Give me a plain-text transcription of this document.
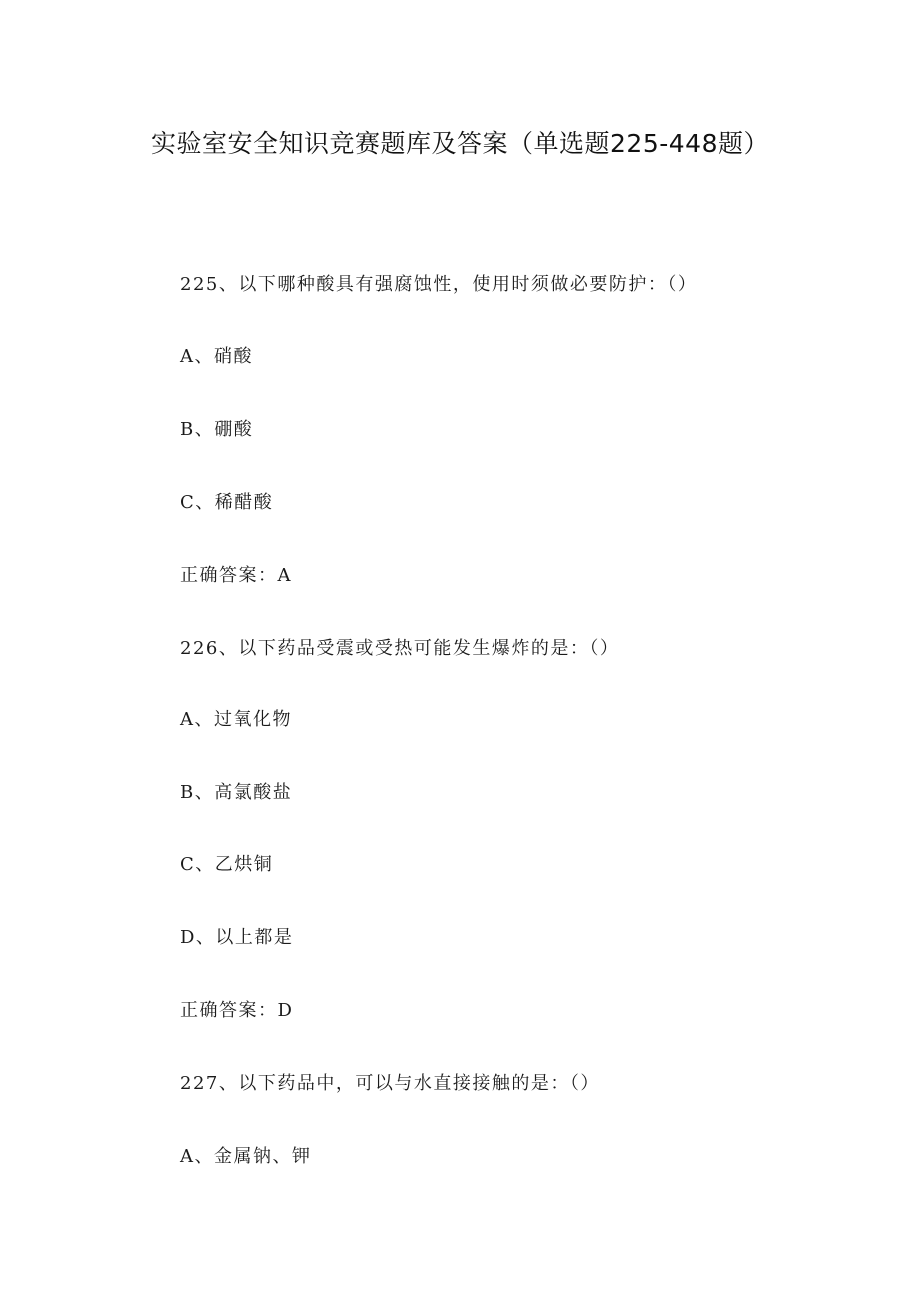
实验室安全知识竞赛题库及答案（单选题225-448题）
225、以下哪种酸具有强腐蚀性，使用时须做必要防护：（）
A、硝酸
B、硼酸
C、稀醋酸
正确答案：A
226、以下药品受震或受热可能发生爆炸的是：（）
A、过氧化物
B、高氯酸盐
C、乙烘铜
D、以上都是
正确答案：D
227、以下药品中，可以与水直接接触的是：（）
A、金属钠、钾
